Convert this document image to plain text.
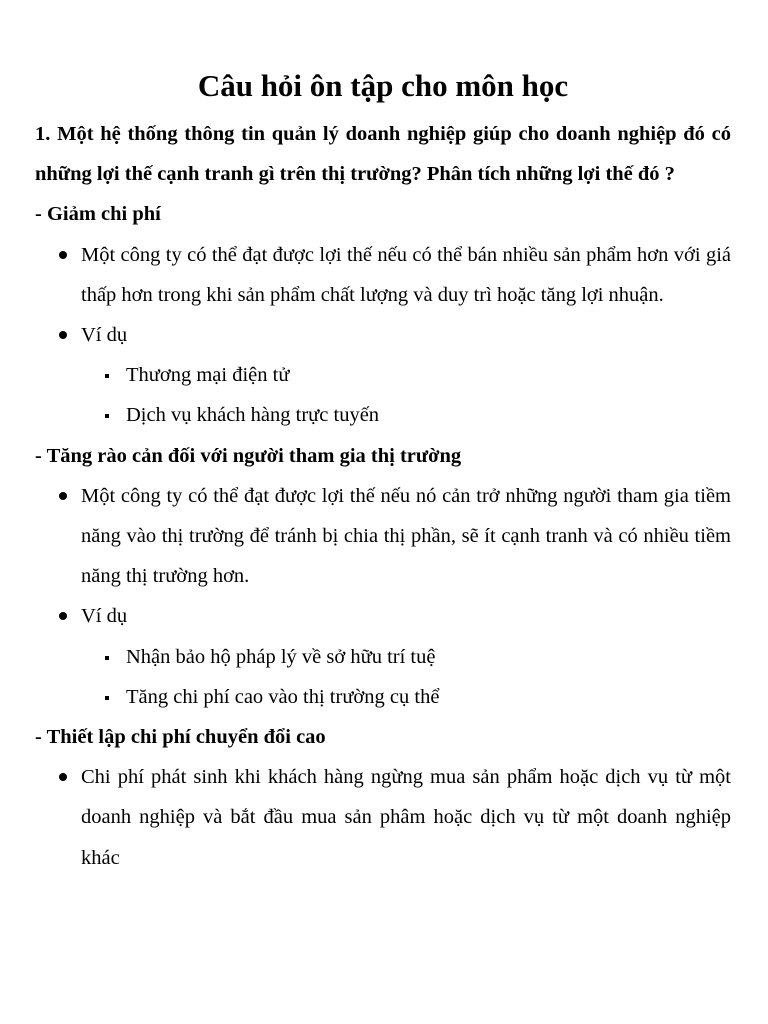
Câu hỏi ôn tập cho môn học

1. Một hệ thống thông tin quản lý doanh nghiệp giúp cho doanh nghiệp đó có những lợi thế cạnh tranh gì trên thị trường? Phân tích những lợi thế đó ?

- Giảm chi phí

Một công ty có thể đạt được lợi thế nếu có thể bán nhiều sản phẩm hơn với giá thấp hơn trong khi sản phẩm chất lượng và duy trì hoặc tăng lợi nhuận.
Ví dụ
Thương mại điện tử
Dịch vụ khách hàng trực tuyến

- Tăng rào cản đối với người tham gia thị trường

Một công ty có thể đạt được lợi thế nếu nó cản trở những người tham gia tiềm năng vào thị trường để tránh bị chia thị phần, sẽ ít cạnh tranh và có nhiều tiềm năng thị trường hơn.
Ví dụ
Nhận bảo hộ pháp lý về sở hữu trí tuệ
Tăng chi phí cao vào thị trường cụ thể

- Thiết lập chi phí chuyển đổi cao

Chi phí phát sinh khi khách hàng ngừng mua sản phẩm hoặc dịch vụ từ một doanh nghiệp và bắt đầu mua sản phâm hoặc dịch vụ từ một doanh nghiệp khác
